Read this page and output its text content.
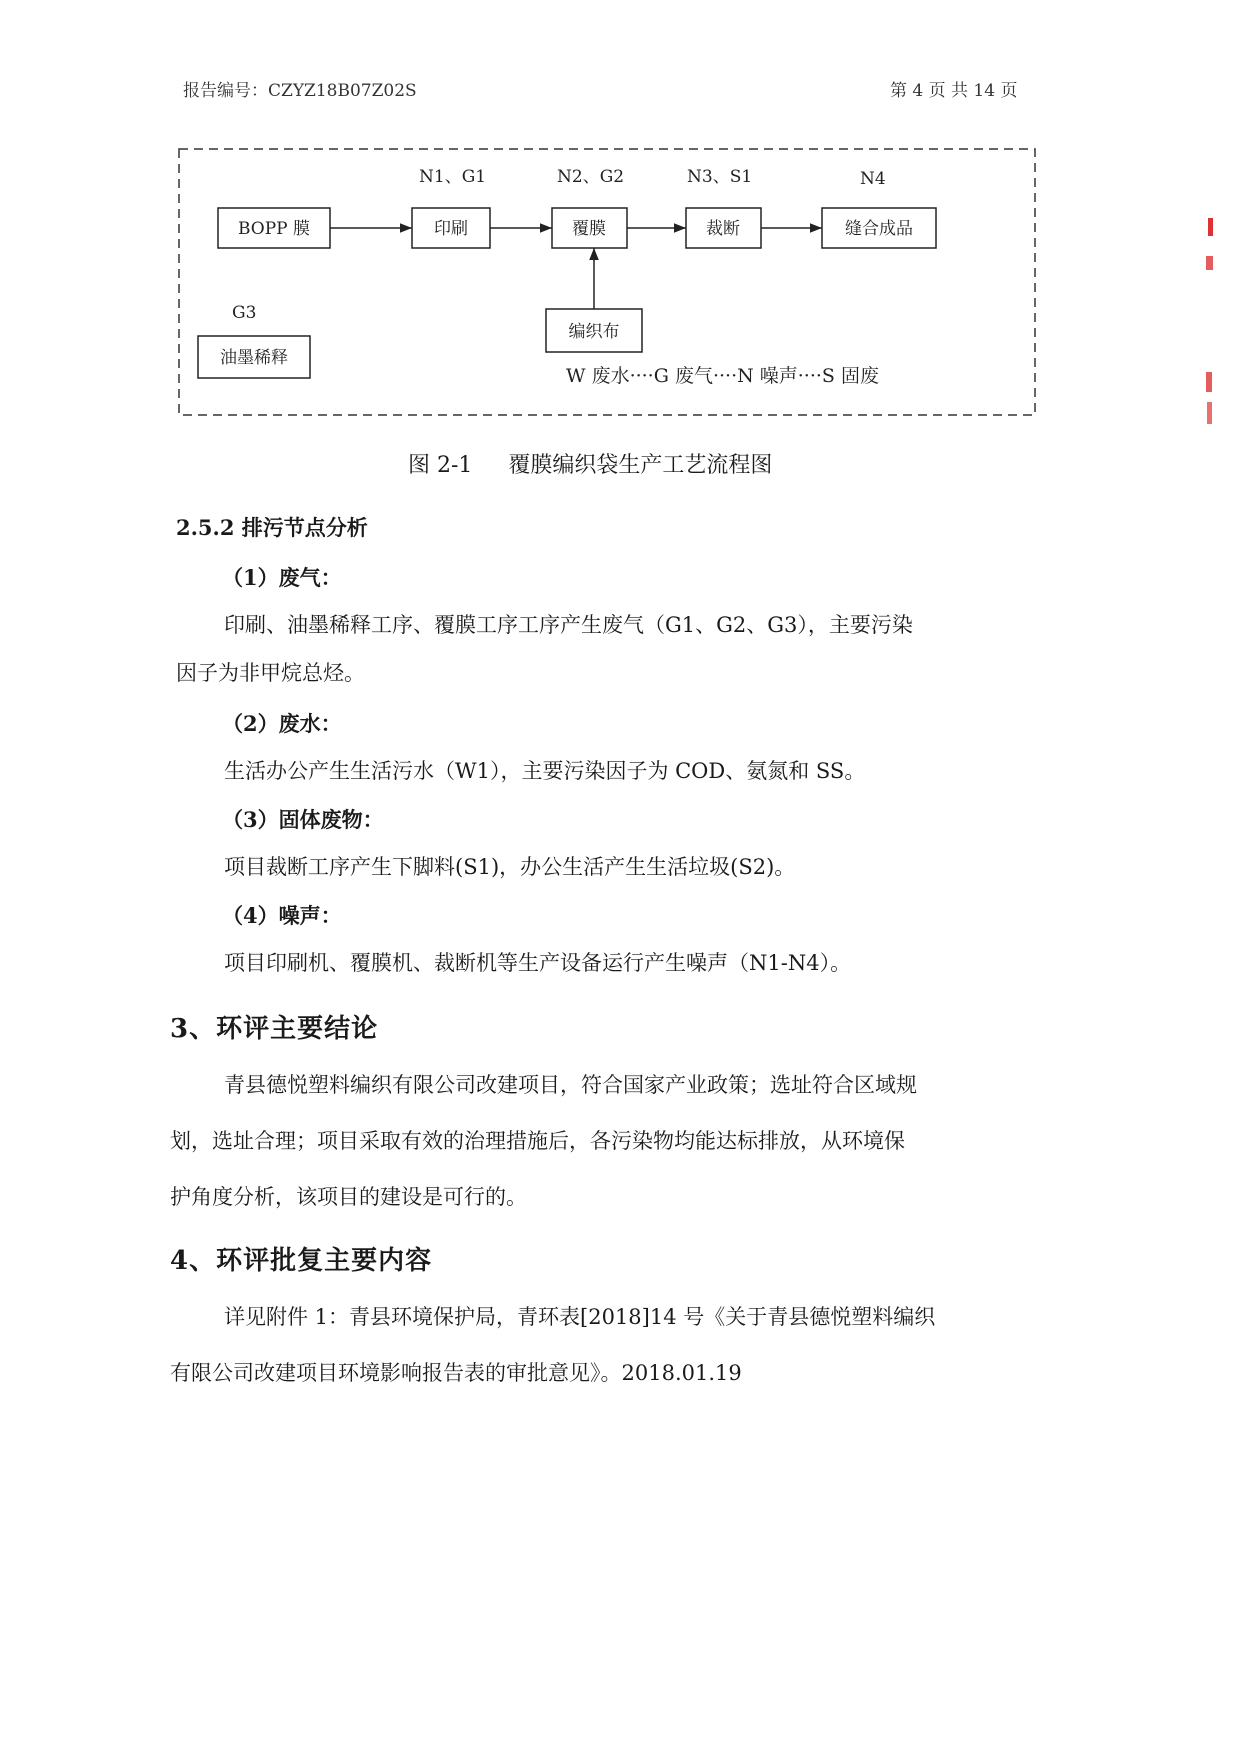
报告编号：CZYZ18B07Z02S	第 4 页 共 14 页
BOPP 膜	印刷	覆膜	裁断	缝合成品
编织布
油墨稀释
N1、G1	N2、G2	N3、S1	N4
G3
W 废水····G 废气····N 噪声····S 固废
图 2-1 覆膜编织袋生产工艺流程图
2.5.2 排污节点分析
（1）废气：
印刷、油墨稀释工序、覆膜工序工序产生废气（G1、G2、G3），主要污染
因子为非甲烷总烃。
（2）废水：
生活办公产生生活污水（W1），主要污染因子为 COD、氨氮和 SS。
（3）固体废物：
项目裁断工序产生下脚料(S1)，办公生活产生生活垃圾(S2)。
（4）噪声：
项目印刷机、覆膜机、裁断机等生产设备运行产生噪声（N1-N4）。
3、环评主要结论
青县德悦塑料编织有限公司改建项目，符合国家产业政策；选址符合区域规
划，选址合理；项目采取有效的治理措施后，各污染物均能达标排放，从环境保
护角度分析，该项目的建设是可行的。
4、环评批复主要内容
详见附件 1：青县环境保护局，青环表[2018]14 号《关于青县德悦塑料编织
有限公司改建项目环境影响报告表的审批意见》。2018.01.19
